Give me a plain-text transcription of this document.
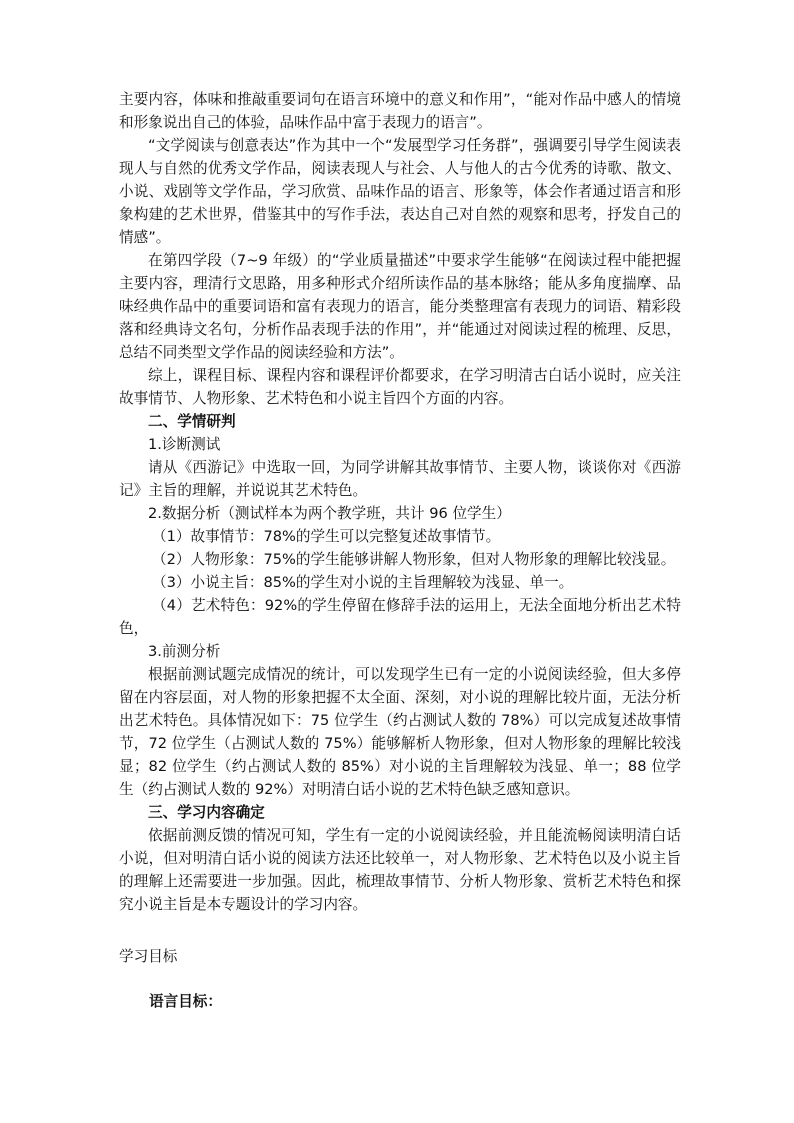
主要内容，体味和推敲重要词句在语言环境中的意义和作用”，“能对作品中感人的情境和形象说出自己的体验，品味作品中富于表现力的语言”。

“文学阅读与创意表达”作为其中一个“发展型学习任务群”，强调要引导学生阅读表现人与自然的优秀文学作品，阅读表现人与社会、人与他人的古今优秀的诗歌、散文、小说、戏剧等文学作品，学习欣赏、品味作品的语言、形象等，体会作者通过语言和形象构建的艺术世界，借鉴其中的写作手法，表达自己对自然的观察和思考，抒发自己的情感”。

在第四学段（7~9 年级）的“学业质量描述”中要求学生能够“在阅读过程中能把握主要内容，理清行文思路，用多种形式介绍所读作品的基本脉络；能从多角度揣摩、品味经典作品中的重要词语和富有表现力的语言，能分类整理富有表现力的词语、精彩段落和经典诗文名句，分析作品表现手法的作用”，并“能通过对阅读过程的梳理、反思，总结不同类型文学作品的阅读经验和方法”。

综上，课程目标、课程内容和课程评价都要求，在学习明清古白话小说时，应关注故事情节、人物形象、艺术特色和小说主旨四个方面的内容。

二、学情研判

1.诊断测试

请从《西游记》中选取一回，为同学讲解其故事情节、主要人物，谈谈你对《西游记》主旨的理解，并说说其艺术特色。

2.数据分析（测试样本为两个教学班，共计 96 位学生）

（1）故事情节：78%的学生可以完整复述故事情节。

（2）人物形象：75%的学生能够讲解人物形象，但对人物形象的理解比较浅显。

（3）小说主旨：85%的学生对小说的主旨理解较为浅显、单一。

（4）艺术特色：92%的学生停留在修辞手法的运用上，无法全面地分析出艺术特色，

3.前测分析

根据前测试题完成情况的统计，可以发现学生已有一定的小说阅读经验，但大多停留在内容层面，对人物的形象把握不太全面、深刻，对小说的理解比较片面，无法分析出艺术特色。具体情况如下：75 位学生（约占测试人数的 78%）可以完成复述故事情节，72 位学生（占测试人数的 75%）能够解析人物形象，但对人物形象的理解比较浅显；82 位学生（约占测试人数的 85%）对小说的主旨理解较为浅显、单一；88 位学生（约占测试人数的 92%）对明清白话小说的艺术特色缺乏感知意识。

三、学习内容确定

依据前测反馈的情况可知，学生有一定的小说阅读经验，并且能流畅阅读明清白话小说，但对明清白话小说的阅读方法还比较单一，对人物形象、艺术特色以及小说主旨的理解上还需要进一步加强。因此，梳理故事情节、分析人物形象、赏析艺术特色和探究小说主旨是本专题设计的学习内容。

学习目标
语言目标：
